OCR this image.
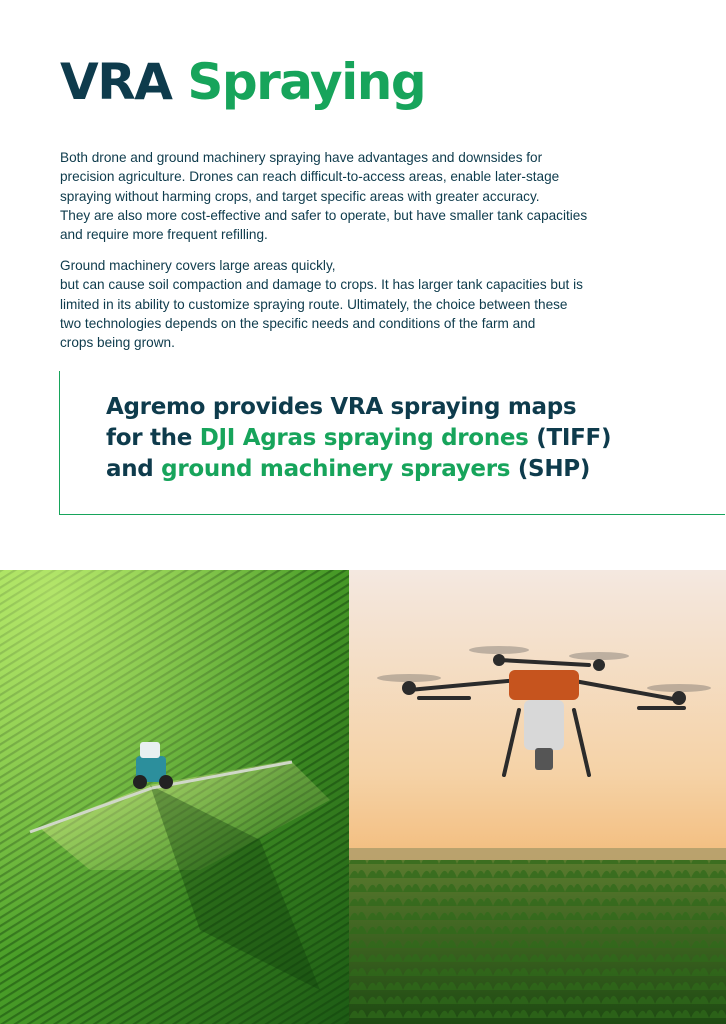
VRA Spraying

Both drone and ground machinery spraying have advantages and downsides for
precision agriculture. Drones can reach difficult-to-access areas, enable later-stage
spraying without harming crops, and target specific areas with greater accuracy.
They are also more cost-effective and safer to operate, but have smaller tank capacities
and require more frequent refilling.

Ground machinery covers large areas quickly,
but can cause soil compaction and damage to crops. It has larger tank capacities but is
limited in its ability to customize spraying route. Ultimately, the choice between these
two technologies depends on the specific needs and conditions of the farm and
crops being grown.

Agremo provides VRA spraying maps
for the DJI Agras spraying drones (TIFF)
and ground machinery sprayers (SHP)
